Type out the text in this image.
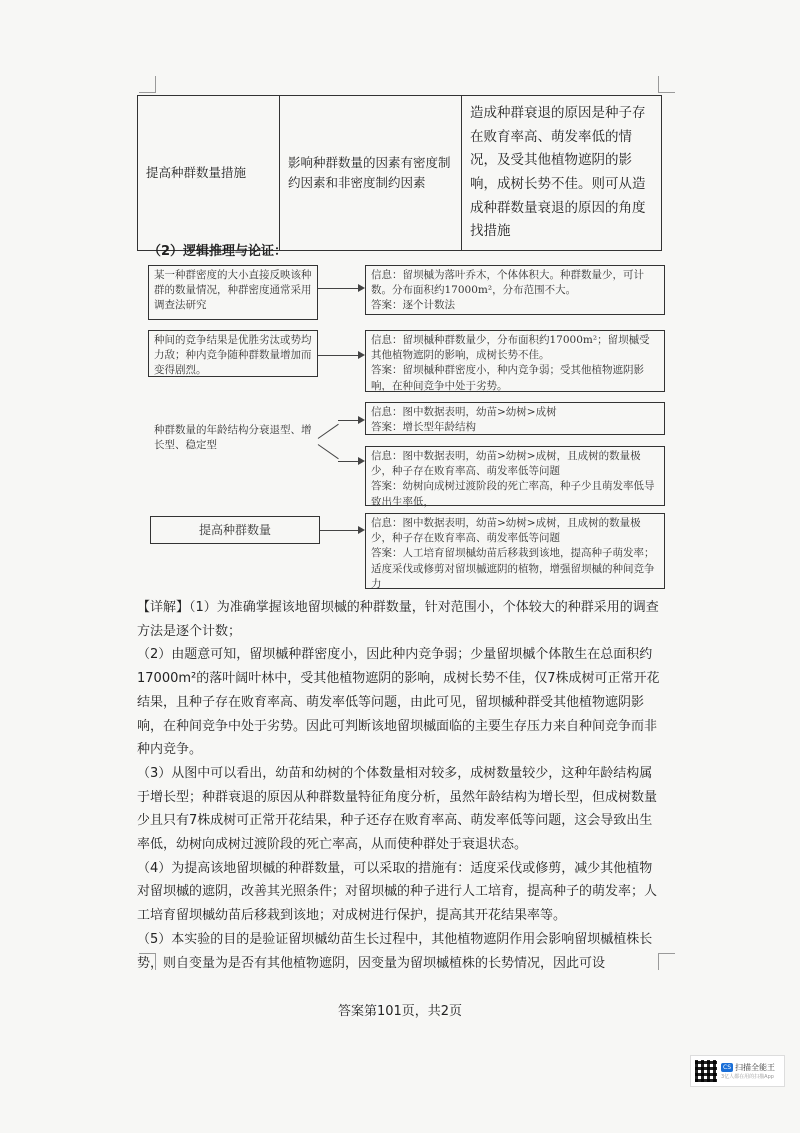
提高种群数量措施	影响种群数量的因素有密度制约因素和非密度制约因素	造成种群衰退的原因是种子存在败育率高、萌发率低的情况，及受其他植物遮阴的影响，成树长势不佳。则可从造成种群数量衰退的原因的角度找措施
（2）逻辑推理与论证：
某一种群密度的大小直接反映该种群的数量情况，种群密度通常采用调查法研究
种间的竞争结果是优胜劣汰或势均力敌；种内竞争随种群数量增加而变得剧烈。
种群数量的年龄结构分衰退型、增长型、稳定型
提高种群数量
信息：留坝槭为落叶乔木，个体体积大。种群数量少，可计数。分布面积约17000m²，分布范围不大。
答案：逐个计数法
信息：留坝槭种群数量少，分布面积约17000m²；留坝槭受其他植物遮阴的影响，成树长势不佳。
答案：留坝槭种群密度小，种内竞争弱；受其他植物遮阴影响，在种间竞争中处于劣势。
信息：图中数据表明，幼苗>幼树>成树
答案：增长型年龄结构
信息：图中数据表明，幼苗>幼树>成树，且成树的数量极少，种子存在败育率高、萌发率低等问题
答案：幼树向成树过渡阶段的死亡率高，种子少且萌发率低导致出生率低，
信息：图中数据表明，幼苗>幼树>成树，且成树的数量极少，种子存在败育率高、萌发率低等问题
答案：人工培育留坝槭幼苗后移栽到该地，提高种子萌发率；适度采伐或修剪对留坝槭遮阴的植物，增强留坝槭的种间竞争力

【详解】（1）为准确掌握该地留坝槭的种群数量，针对范围小，个体较大的种群采用的调查方法是逐个计数；

（2）由题意可知，留坝槭种群密度小，因此种内竞争弱；少量留坝槭个体散生在总面积约17000m²的落叶阔叶林中，受其他植物遮阴的影响，成树长势不佳，仅7株成树可正常开花结果，且种子存在败育率高、萌发率低等问题，由此可见，留坝槭种群受其他植物遮阴影响，在种间竞争中处于劣势。因此可判断该地留坝槭面临的主要生存压力来自种间竞争而非种内竞争。

（3）从图中可以看出，幼苗和幼树的个体数量相对较多，成树数量较少，这种年龄结构属于增长型；种群衰退的原因从种群数量特征角度分析，虽然年龄结构为增长型，但成树数量少且只有7株成树可正常开花结果，种子还存在败育率高、萌发率低等问题，这会导致出生率低，幼树向成树过渡阶段的死亡率高，从而使种群处于衰退状态。

（4）为提高该地留坝槭的种群数量，可以采取的措施有：适度采伐或修剪，减少其他植物对留坝槭的遮阴，改善其光照条件；对留坝槭的种子进行人工培育，提高种子的萌发率；人工培育留坝槭幼苗后移栽到该地；对成树进行保护，提高其开花结果率等。

（5）本实验的目的是验证留坝槭幼苗生长过程中，其他植物遮阴作用会影响留坝槭植株长势，则自变量为是否有其他植物遮阴，因变量为留坝槭植株的长势情况，因此可设

答案第101页，共2页
CS 扫描全能王
3亿人都在用的扫描App
